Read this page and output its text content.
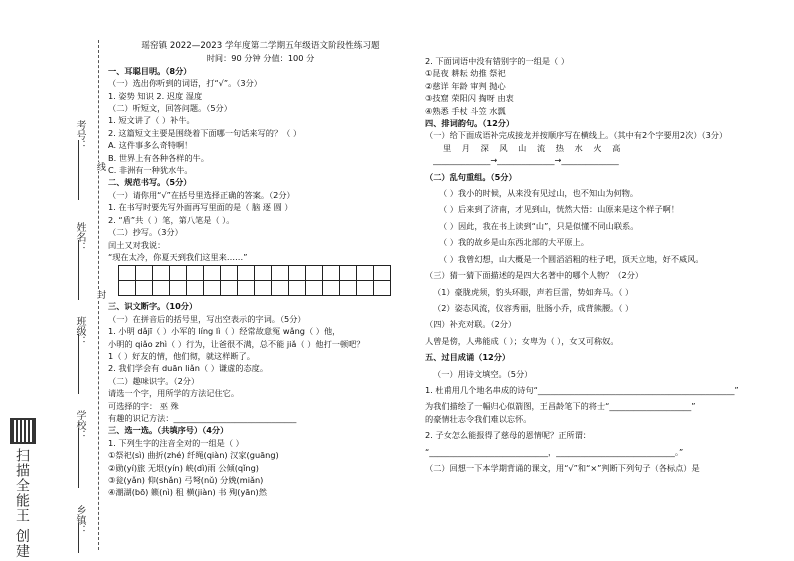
考号：
姓名：
班级：
学校：
乡镇：
线
封
扫描全能王 创建
瑶窑镇 2022—2023 学年度第二学期五年级语文阶段性练习题
时间：90 分钟 分值：100 分
一、耳聪目明。（8分）
（一）选出你听到的词语，打“√”。（3分）
1. 姿势 知识 2. 迟度 湿度
（二）听短文，回答问题。（5分）
1. 短文讲了（ ）补牛。
2. 这篇短文主要是围绕着下面哪一句话来写的？（ ）
A. 这件事多么奇特啊！
B. 世界上有各种各样的牛。
C. 非洲有一种犹水牛。
二、规范书写。（5分）
（一）请你用“√”在括号里选择正确的答案。（2分）
1. 在书写时要先写外面再写里面的是（ 脑 逐 圆 ）
2. “盾”共（ ）笔，第八笔是（ ）。
（二）抄写。（3分）
闰土又对我说：
“现在太冷，你夏天到我们这里来……”
三、识文断字。（10分）
（一）在拼音后的括号里，写出空表示的字词。（5分）
1. 小明 dǎjī（ ）小军的 líng lì（ ）经常故意冤 wǎng（ ）他，
小明的 qiǎo zhì（ ）行为，让爸很不满，总不能 jiǎ（ ）他打一顿吧？
1（ ）好友的情，他们彻，就这样断了。
2. 我们学会有 duān liǎn（ ）谦虚的态度。
（二）趣味识字。（2分）
请选一个字，用所学的方法记住它。
可选择的字： 巫 殊
有趣的识记方法：______________________________
三、选一选。（共填序号）（4分）
1. 下列生字的注音全对的一组是（ ）
①祭祀(sì) 曲折(zhé) 纤绳(qiàn) 汉家(guāng)
②勋(yí)旅 无垠(yín) 峡(dì)雨 公倾(qǐng)
③瓮(yǎn) 仰(shǎn) 弓弩(nǔ) 分娩(miǎn)
④潮湖(bō) 籁(nì) 租 横(jiàn) 书 殉(yān)然
2. 下面词语中没有错别字的一组是（ ）
①昆夜 耕耘 幼推 祭祀
②慈详 年龄 审判 抛心
③技窟 荣阳闪 掏呀 由衷
④熟悉 手杖 斗笠 水瓢
四、排词韵句。（12分）
（一）给下面成语补完成接龙并按顺序写在横线上。（其中有2个字要用2次）（3分）
里 月 深 风 山 流 热 水 火 高
______________→______________→______________
（二）乱句重组。（5分）
（ ）我小的时候，从来没有见过山，也不知山为何物。
（ ）后来到了济南，才见到山，恍然大悟：山原来是这个样子啊！
（ ）因此，我在书上读到“山”，只是似懂不同山联系。
（ ）我的故乡是山东西北部的大平原上。
（ ）我曾幻想，山大概是一个圆滔滔粗的柱子吧，顶天立地，好不威风。
（三）猜一猜下面描述的是四大名著中的哪个人物？（2分）
（1）豪胧虎须，豹头环眼，声若巨雷，势如奔马。（ ）
（2）姿态风流，仪容秀丽，肚肠小乔，成背熊腰。（ ）
（四）补充对联。（2分）
人曾是傍，人弗能成（ ）；女卑为（ ），女又可称奴。
五、过目成诵（12分）
（一）用诗文填空。（5分）
1. 杜甫用几个地名串成的诗句“________________________________________________”
为我们描绘了一幅归心似箭图，王昌龄笔下的将士“____________________”
的豪情壮志令我们难以忘怀。
2. 子女怎么能报得了慈母的恩情呢？正所谓：
“_____________________________，_____________________________。”
（二）回想一下本学期背诵的课文，用“√”和“×”判断下列句子（各标点）是
